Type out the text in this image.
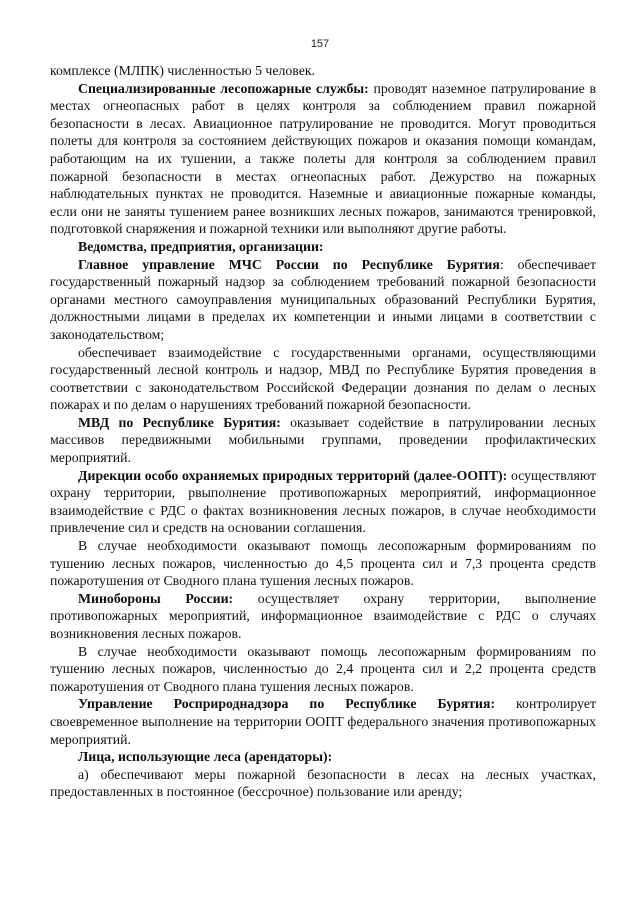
157

комплексе (МЛПК) численностью 5 человек.

Специализированные лесопожарные службы: проводят наземное патрулирование в местах огнеопасных работ в целях контроля за соблюдением правил пожарной безопасности в лесах. Авиационное патрулирование не проводится. Могут проводиться полеты для контроля за состоянием действующих пожаров и оказания помощи командам, работающим на их тушении, а также полеты для контроля за соблюдением правил пожарной безопасности в местах огнеопасных работ. Дежурство на пожарных наблюдательных пунктах не проводится. Наземные и авиационные пожарные команды, если они не заняты тушением ранее возникших лесных пожаров, занимаются тренировкой, подготовкой снаряжения и пожарной техники или выполняют другие работы.

Ведомства, предприятия, организации:

Главное управление МЧС России по Республике Бурятия: обеспечивает государственный пожарный надзор за соблюдением требований пожарной безопасности органами местного самоуправления муниципальных образований Республики Бурятия, должностными лицами в пределах их компетенции и иными лицами в соответствии с законодательством;

обеспечивает взаимодействие с государственными органами, осуществляющими государственный лесной контроль и надзор, МВД по Республике Бурятия проведения в соответствии с законодательством Российской Федерации дознания по делам о лесных пожарах и по делам о нарушениях требований пожарной безопасности.

МВД по Республике Бурятия: оказывает содействие в патрулировании лесных массивов передвижными мобильными группами, проведении профилактических мероприятий.

Дирекции особо охраняемых природных территорий (далее-ООПТ): осуществляют охрану территории, рвыполнение противопожарных мероприятий, информационное взаимодействие с РДС о фактах возникновения лесных пожаров, в случае необходимости привлечение сил и средств на основании соглашения.

В случае необходимости оказывают помощь лесопожарным формированиям по тушению лесных пожаров, численностью до 4,5 процента сил и 7,3 процента средств пожаротушения от Сводного плана тушения лесных пожаров.

Минобороны России: осуществляет охрану территории, выполнение противопожарных мероприятий, информационное взаимодействие с РДС о случаях возникновения лесных пожаров.

В случае необходимости оказывают помощь лесопожарным формированиям по тушению лесных пожаров, численностью до 2,4 процента сил и 2,2 процента средств пожаротушения от Сводного плана тушения лесных пожаров.

Управление Росприроднадзора по Республике Бурятия: контролирует своевременное выполнение на территории ООПТ федерального значения противопожарных мероприятий.

Лица, использующие леса (арендаторы):

а) обеспечивают меры пожарной безопасности в лесах на лесных участках, предоставленных в постоянное (бессрочное) пользование или аренду;
